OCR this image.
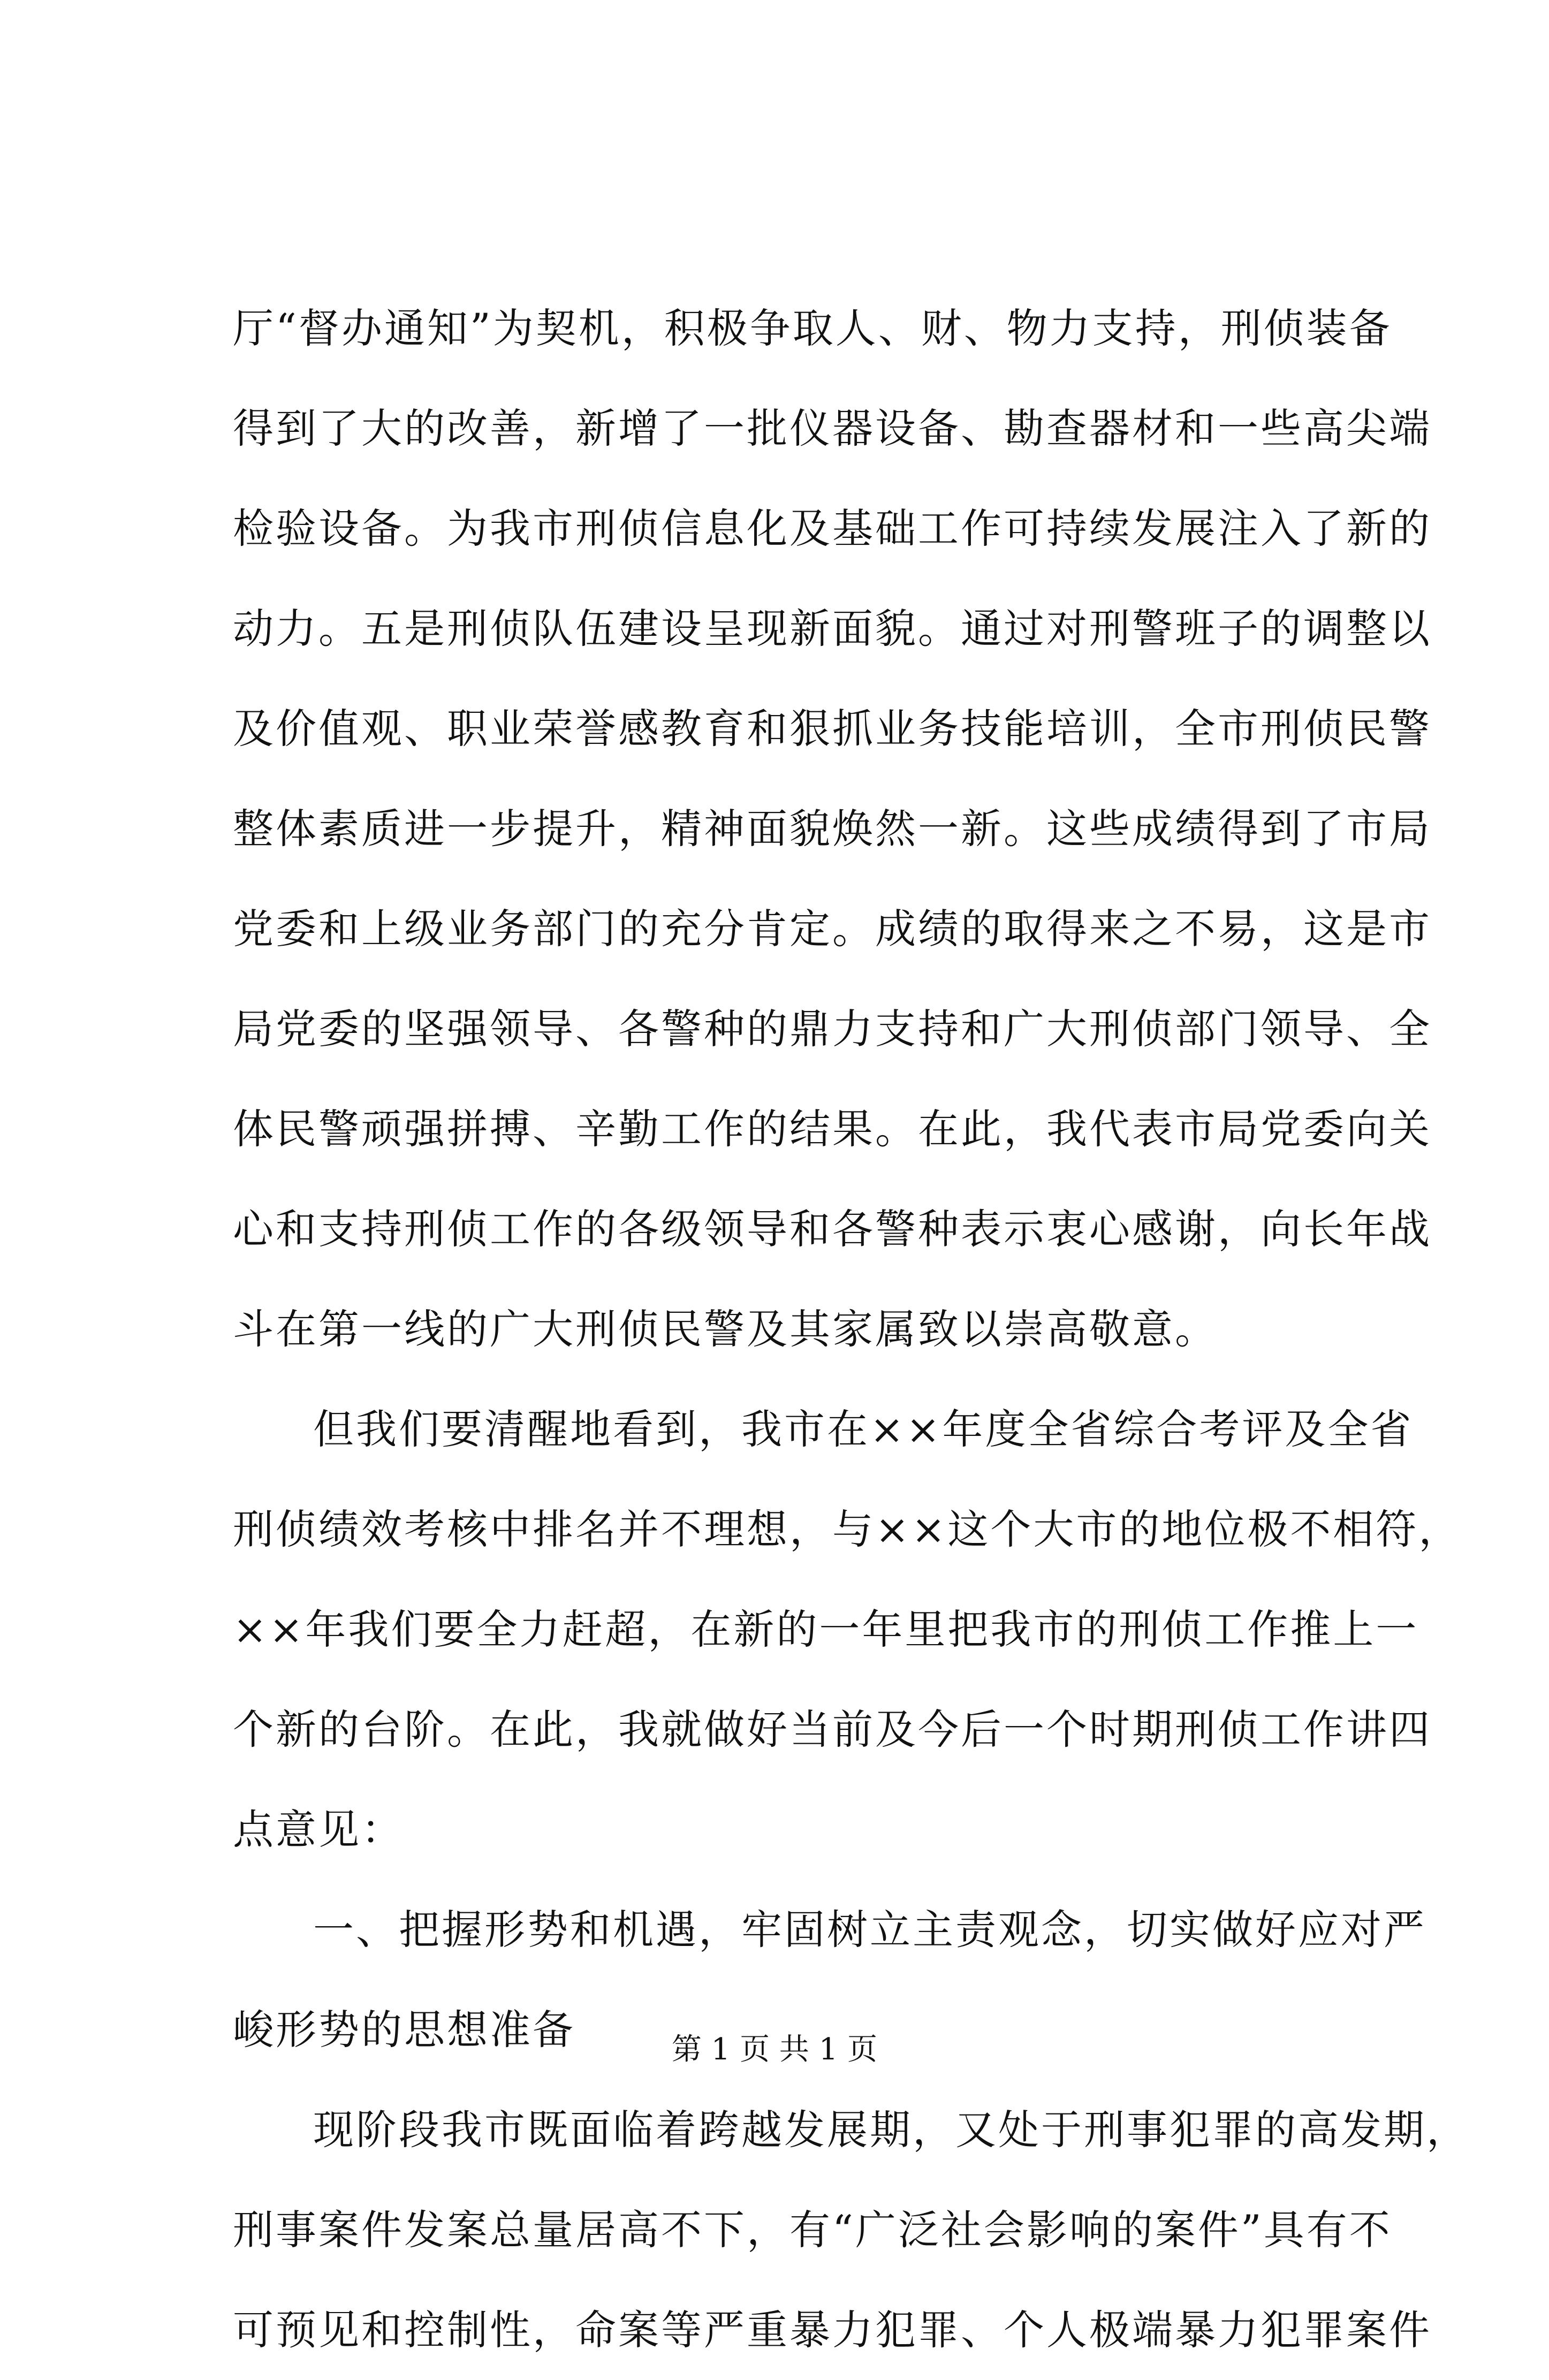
厅“督办通知”为契机，积极争取人、财、物力支持，刑侦装备
得到了大的改善，新增了一批仪器设备、勘查器材和一些高尖端
检验设备。为我市刑侦信息化及基础工作可持续发展注入了新的
动力。五是刑侦队伍建设呈现新面貌。通过对刑警班子的调整以
及价值观、职业荣誉感教育和狠抓业务技能培训，全市刑侦民警
整体素质进一步提升，精神面貌焕然一新。这些成绩得到了市局
党委和上级业务部门的充分肯定。成绩的取得来之不易，这是市
局党委的坚强领导、各警种的鼎力支持和广大刑侦部门领导、全
体民警顽强拼搏、辛勤工作的结果。在此，我代表市局党委向关
心和支持刑侦工作的各级领导和各警种表示衷心感谢，向长年战
斗在第一线的广大刑侦民警及其家属致以崇高敬意。
但我们要清醒地看到，我市在××年度全省综合考评及全省
刑侦绩效考核中排名并不理想，与××这个大市的地位极不相符，
××年我们要全力赶超，在新的一年里把我市的刑侦工作推上一
个新的台阶。在此，我就做好当前及今后一个时期刑侦工作讲四
点意见：
一、把握形势和机遇，牢固树立主责观念，切实做好应对严
峻形势的思想准备
现阶段我市既面临着跨越发展期，又处于刑事犯罪的高发期，
刑事案件发案总量居高不下，有“广泛社会影响的案件”具有不
可预见和控制性，命案等严重暴力犯罪、个人极端暴力犯罪案件
第 1 页 共 1 页
